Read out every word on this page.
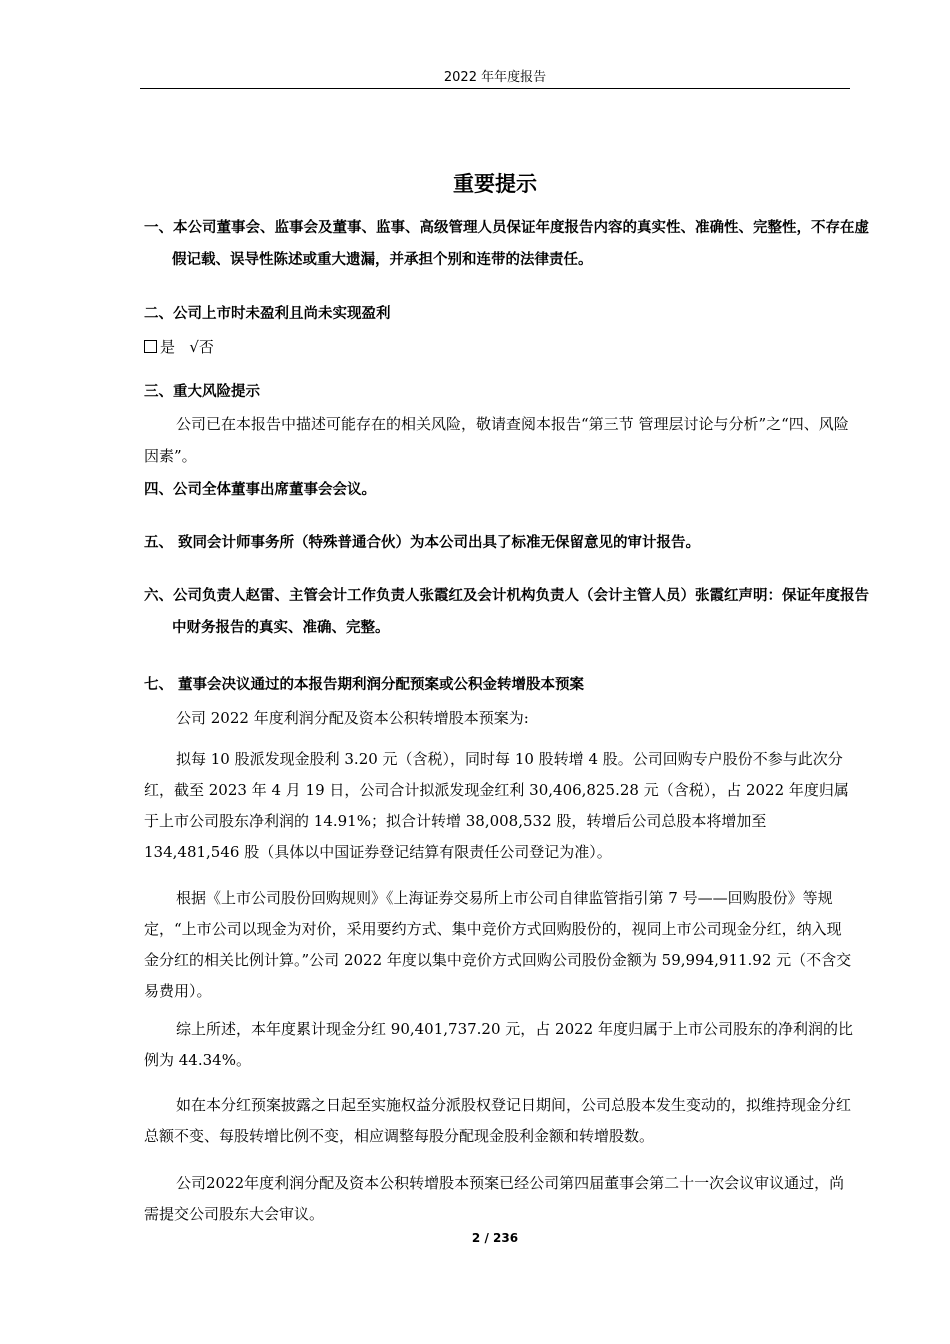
2022 年年度报告
重要提示
一、本公司董事会、监事会及董事、监事、高级管理人员保证年度报告内容的真实性、准确性、完整性，不存在虚假记载、误导性陈述或重大遗漏，并承担个别和连带的法律责任。
二、公司上市时未盈利且尚未实现盈利
是 √否
三、重大风险提示
公司已在本报告中描述可能存在的相关风险，敬请查阅本报告“第三节 管理层讨论与分析”之“四、风险因素”。
四、公司全体董事出席董事会会议。
五、 致同会计师事务所（特殊普通合伙）为本公司出具了标准无保留意见的审计报告。
六、公司负责人赵雷、主管会计工作负责人张霞红及会计机构负责人（会计主管人员）张霞红声明：保证年度报告中财务报告的真实、准确、完整。
七、 董事会决议通过的本报告期利润分配预案或公积金转增股本预案
公司 2022 年度利润分配及资本公积转增股本预案为:
拟每 10 股派发现金股利 3.20 元（含税），同时每 10 股转增 4 股。公司回购专户股份不参与此次分红，截至 2023 年 4 月 19 日，公司合计拟派发现金红利 30,406,825.28 元（含税），占 2022 年度归属于上市公司股东净利润的 14.91%；拟合计转增 38,008,532 股，转增后公司总股本将增加至 134,481,546 股（具体以中国证券登记结算有限责任公司登记为准）。
根据《上市公司股份回购规则》《上海证券交易所上市公司自律监管指引第 7 号——回购股份》等规定，“上市公司以现金为对价，采用要约方式、集中竞价方式回购股份的，视同上市公司现金分红，纳入现金分红的相关比例计算。”公司 2022 年度以集中竞价方式回购公司股份金额为 59,994,911.92 元（不含交易费用）。
综上所述，本年度累计现金分红 90,401,737.20 元，占 2022 年度归属于上市公司股东的净利润的比例为 44.34%。
如在本分红预案披露之日起至实施权益分派股权登记日期间，公司总股本发生变动的，拟维持现金分红总额不变、每股转增比例不变，相应调整每股分配现金股利金额和转增股数。
公司2022年度利润分配及资本公积转增股本预案已经公司第四届董事会第二十一次会议审议通过，尚需提交公司股东大会审议。
2 / 236
